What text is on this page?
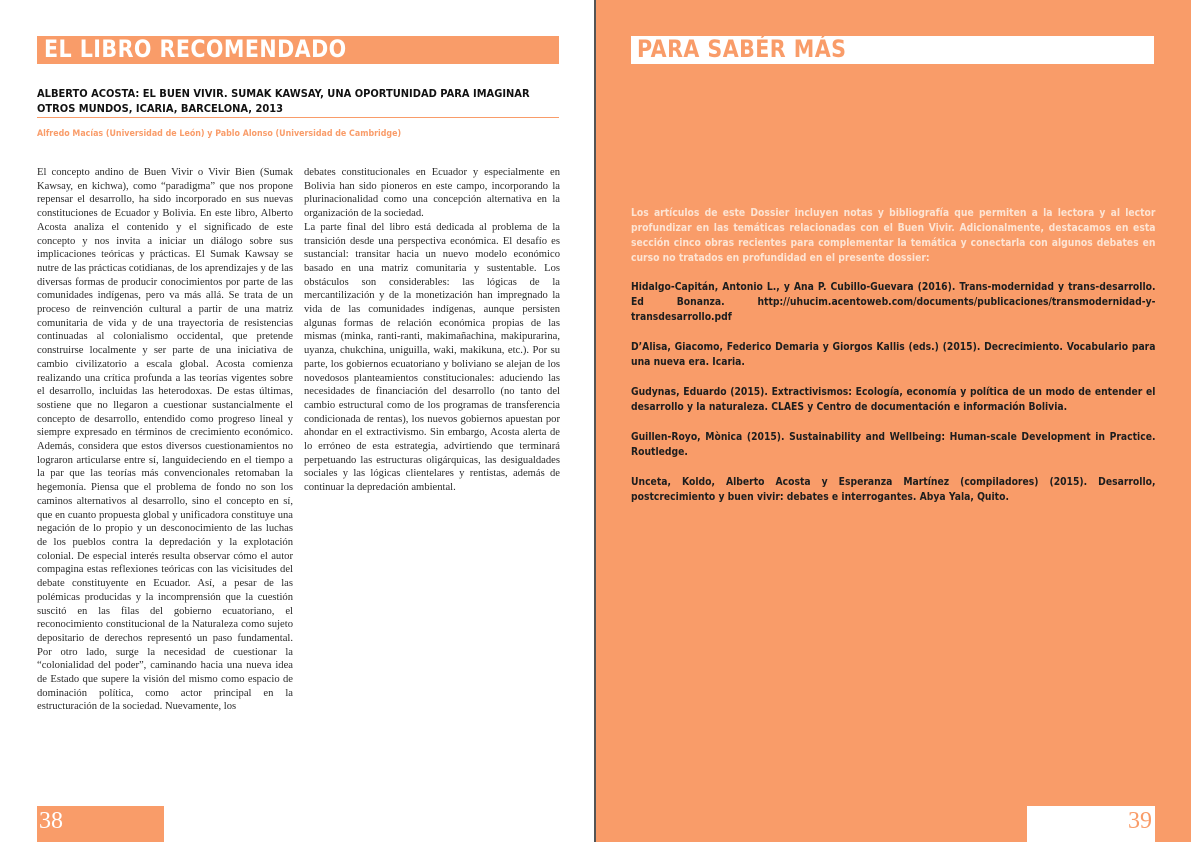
EL LIBRO RECOMENDADO
ALBERTO ACOSTA: EL BUEN VIVIR. SUMAK KAWSAY, UNA OPORTUNIDAD PARA IMAGINAR OTROS MUNDOS, ICARIA, BARCELONA, 2013
Alfredo Macías (Universidad de León) y Pablo Alonso (Universidad de Cambridge)

El concepto andino de Buen Vivir o Vivir Bien (Sumak Kawsay, en kichwa), como “paradigma” que nos propone repensar el desarrollo, ha sido incorporado en sus nuevas constituciones de Ecuador y Bolivia. En este libro, Alberto Acosta analiza el contenido y el significado de este concepto y nos invita a iniciar un diálogo sobre sus implicaciones teóricas y prácticas. El Sumak Kawsay se nutre de las prácticas cotidianas, de los aprendizajes y de las diversas formas de producir conocimientos por parte de las comunidades indígenas, pero va más allá. Se trata de un proceso de reinvención cultural a partir de una matriz comunitaria de vida y de una trayectoria de resistencias continuadas al colonialismo occidental, que pretende construirse localmente y ser parte de una iniciativa de cambio civilizatorio a escala global. Acosta comienza realizando una crítica profunda a las teorías vigentes sobre el desarrollo, incluidas las heterodoxas. De estas últimas, sostiene que no llegaron a cuestionar sustancialmente el concepto de desarrollo, entendido como progreso lineal y siempre expresado en términos de crecimiento económico. Además, considera que estos diversos cuestionamientos no lograron articularse entre sí, languideciendo en el tiempo a la par que las teorías más convencionales retomaban la hegemonía. Piensa que el problema de fondo no son los caminos alternativos al desarrollo, sino el concepto en sí, que en cuanto propuesta global y unificadora constituye una negación de lo propio y un desconocimiento de las luchas de los pueblos contra la depredación y la explotación colonial. De especial interés resulta observar cómo el autor compagina estas reflexiones teóricas con las vicisitudes del debate constituyente en Ecuador. Así, a pesar de las polémicas producidas y la incomprensión que la cuestión suscitó en las filas del gobierno ecuatoriano, el reconocimiento constitucional de la Naturaleza como sujeto depositario de derechos representó un paso fundamental. Por otro lado, surge la necesidad de cuestionar la “colonialidad del poder”, caminando hacia una nueva idea de Estado que supere la visión del mismo como espacio de dominación política, como actor principal en la estructuración de la sociedad. Nuevamente, los

debates constitucionales en Ecuador y especialmente en Bolivia han sido pioneros en este campo, incorporando la plurinacionalidad como una concepción alternativa en la organización de la sociedad.

La parte final del libro está dedicada al problema de la transición desde una perspectiva económica. El desafío es sustancial: transitar hacia un nuevo modelo económico basado en una matriz comunitaria y sustentable. Los obstáculos son considerables: las lógicas de la mercantilización y de la monetización han impregnado la vida de las comunidades indígenas, aunque persisten algunas formas de relación económica propias de las mismas (minka, ranti-ranti, makimañachina, makipurarina, uyanza, chukchina, uniguilla, waki, makikuna, etc.). Por su parte, los gobiernos ecuatoriano y boliviano se alejan de los novedosos planteamientos constitucionales: aduciendo las necesidades de financiación del desarrollo (no tanto del cambio estructural como de los programas de transferencia condicionada de rentas), los nuevos gobiernos apuestan por ahondar en el extractivismo. Sin embargo, Acosta alerta de lo erróneo de esta estrategia, advirtiendo que terminará perpetuando las estructuras oligárquicas, las desigualdades sociales y las lógicas clientelares y rentistas, además de continuar la depredación ambiental.

38
PARA SABÉR MÁS

Los artículos de este Dossier incluyen notas y bibliografía que permiten a la lectora y al lector profundizar en las temáticas relacionadas con el Buen Vivir. Adicionalmente, destacamos en esta sección cinco obras recientes para complementar la temática y conectarla con algunos debates en curso no tratados en profundidad en el presente dossier:

Hidalgo-Capitán, Antonio L., y Ana P. Cubillo-Guevara (2016). Trans-modernidad y trans-desarrollo. Ed Bonanza. http://uhucim.acentoweb.com/documents/publicaciones/transmodernidad-y-transdesarrollo.pdf

D’Alisa, Giacomo, Federico Demaria y Giorgos Kallis (eds.) (2015). Decrecimiento. Vocabulario para una nueva era. Icaria.

Gudynas, Eduardo (2015). Extractivismos: Ecología, economía y política de un modo de entender el desarrollo y la naturaleza. CLAES y Centro de documentación e información Bolivia.

Guillen-Royo, Mònica (2015). Sustainability and Wellbeing: Human-scale Development in Practice. Routledge.

Unceta, Koldo, Alberto Acosta y Esperanza Martínez (compiladores) (2015). Desarrollo, postcrecimiento y buen vivir: debates e interrogantes. Abya Yala, Quito.

39
